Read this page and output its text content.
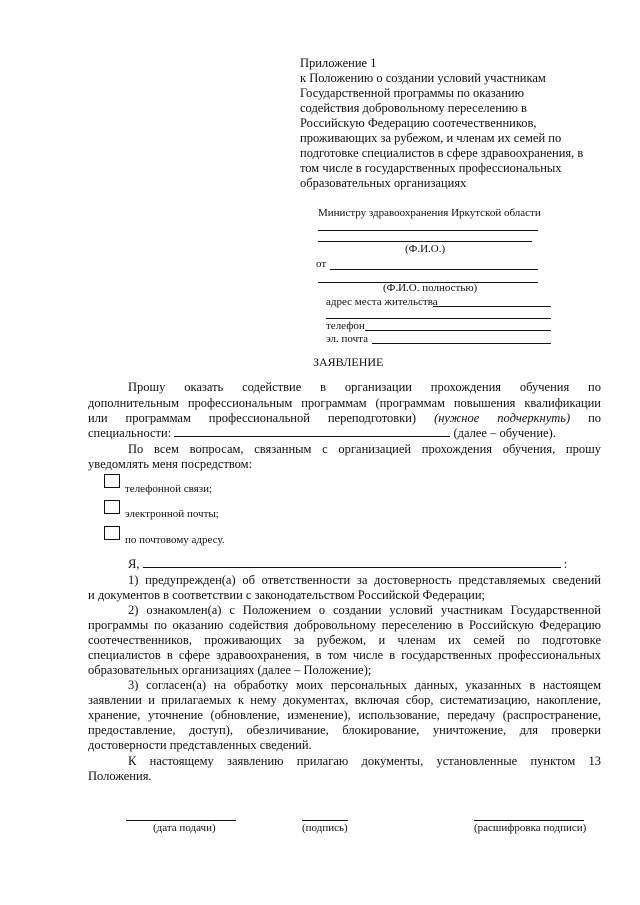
Приложение 1
к Положению о создании условий участникам
Государственной программы по оказанию
содействия добровольному переселению в
Российскую Федерацию соотечественников,
проживающих за рубежом, и членам их семей по
подготовке специалистов в сфере здравоохранения, в
том числе в государственных профессиональных
образовательных организациях
Министру здравоохранения Иркутской области
(Ф.И.О.)
от
(Ф.И.О. полностью)
адрес места жительства
телефон
эл. почта
ЗАЯВЛЕНИЕ
Прошу оказать содействие в организации прохождения обучения по
дополнительным профессиональным программам (программам повышения квалификации
или программам профессиональной переподготовки) (нужное подчеркнуть) по
специальности:	(далее – обучение).
По всем вопросам, связанным с организацией прохождения обучения, прошу
уведомлять меня посредством:
телефонной связи;
электронной почты;
по почтовому адресу.
Я,	:
1) предупрежден(а) об ответственности за достоверность представляемых сведений
и документов в соответствии с законодательством Российской Федерации;
2) ознакомлен(а) с Положением о создании условий участникам Государственной
программы по оказанию содействия добровольному переселению в Российскую Федерацию
соотечественников, проживающих за рубежом, и членам их семей по подготовке
специалистов в сфере здравоохранения, в том числе в государственных профессиональных
образовательных организациях (далее – Положение);
3) согласен(а) на обработку моих персональных данных, указанных в настоящем
заявлении и прилагаемых к нему документах, включая сбор, систематизацию, накопление,
хранение, уточнение (обновление, изменение), использование, передачу (распространение,
предоставление, доступ), обезличивание, блокирование, уничтожение, для проверки
достоверности представленных сведений.
К настоящему заявлению прилагаю документы, установленные пунктом 13
Положения.
(дата подачи)	(подпись)	(расшифровка подписи)
